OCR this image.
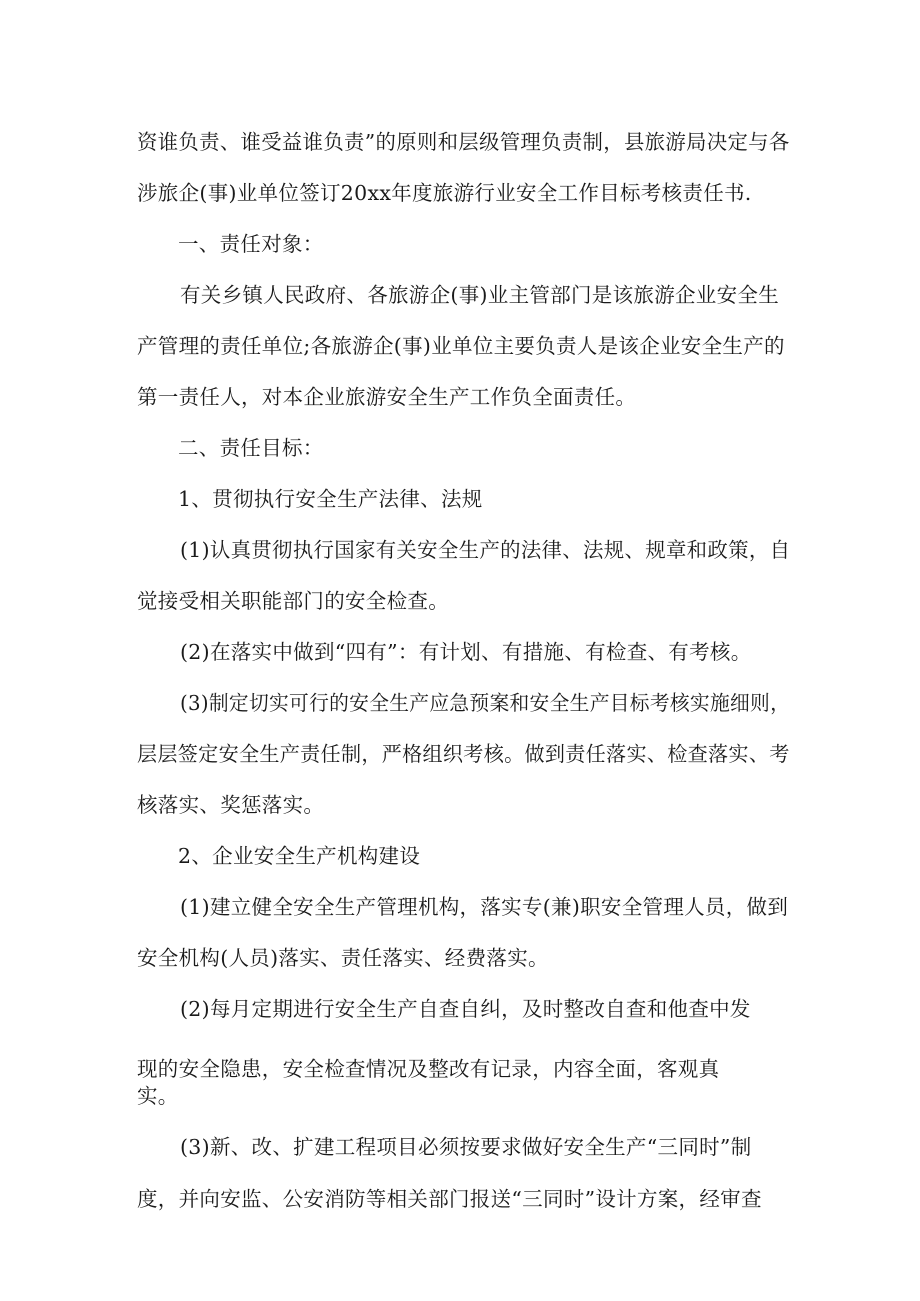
资谁负责、谁受益谁负责”的原则和层级管理负责制，县旅游局决定与各
涉旅企(事)业单位签订20xx年度旅游行业安全工作目标考核责任书.
一、责任对象：
有关乡镇人民政府、各旅游企(事)业主管部门是该旅游企业安全生
产管理的责任单位;各旅游企(事)业单位主要负责人是该企业安全生产的
第一责任人，对本企业旅游安全生产工作负全面责任。
二、责任目标：
1、贯彻执行安全生产法律、法规
(1)认真贯彻执行国家有关安全生产的法律、法规、规章和政策，自
觉接受相关职能部门的安全检查。
(2)在落实中做到“四有”：有计划、有措施、有检查、有考核。
(3)制定切实可行的安全生产应急预案和安全生产目标考核实施细则，
层层签定安全生产责任制，严格组织考核。做到责任落实、检查落实、考
核落实、奖惩落实。
2、企业安全生产机构建设
(1)建立健全安全生产管理机构，落实专(兼)职安全管理人员，做到
安全机构(人员)落实、责任落实、经费落实。
(2)每月定期进行安全生产自查自纠，及时整改自查和他查中发
现的安全隐患，安全检查情况及整改有记录，内容全面，客观真
实。
(3)新、改、扩建工程项目必须按要求做好安全生产“三同时”制
度，并向安监、公安消防等相关部门报送“三同时”设计方案，经审查
